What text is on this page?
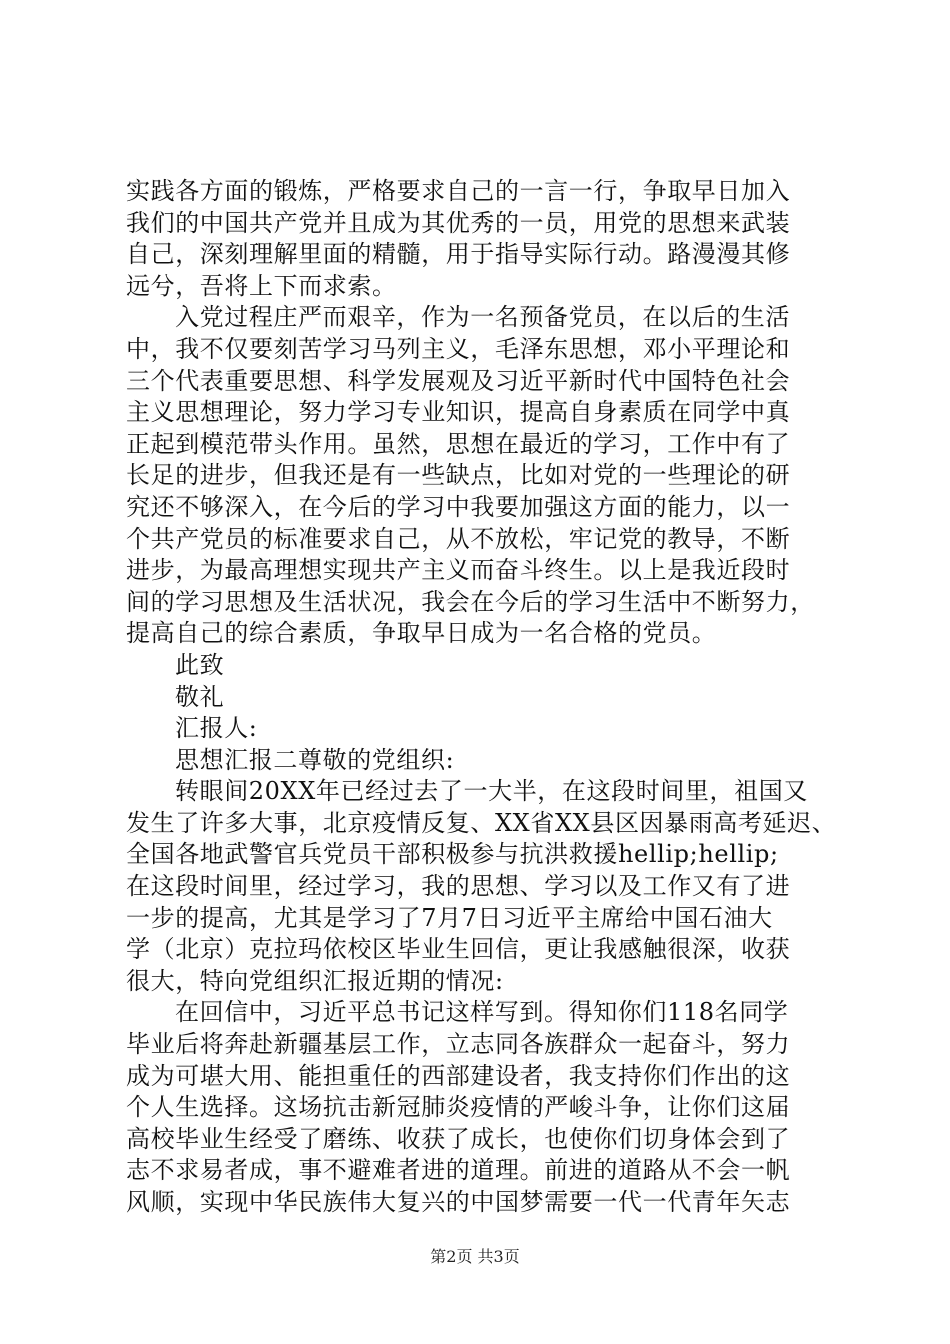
实践各方面的锻炼，严格要求自己的一言一行，争取早日加入
我们的中国共产党并且成为其优秀的一员，用党的思想来武装
自己，深刻理解里面的精髓，用于指导实际行动。路漫漫其修
远兮，吾将上下而求索。
入党过程庄严而艰辛，作为一名预备党员，在以后的生活
中，我不仅要刻苦学习马列主义，毛泽东思想，邓小平理论和
三个代表重要思想、科学发展观及习近平新时代中国特色社会
主义思想理论，努力学习专业知识，提高自身素质在同学中真
正起到模范带头作用。虽然，思想在最近的学习，工作中有了
长足的进步，但我还是有一些缺点，比如对党的一些理论的研
究还不够深入，在今后的学习中我要加强这方面的能力，以一
个共产党员的标准要求自己，从不放松，牢记党的教导，不断
进步，为最高理想实现共产主义而奋斗终生。以上是我近段时
间的学习思想及生活状况，我会在今后的学习生活中不断努力，
提高自己的综合素质，争取早日成为一名合格的党员。
此致
敬礼
汇报人:
思想汇报二尊敬的党组织:
转眼间20XX年已经过去了一大半，在这段时间里，祖国又
发生了许多大事，北京疫情反复、XX省XX县区因暴雨高考延迟、
全国各地武警官兵党员干部积极参与抗洪救援hellip;hellip;
在这段时间里，经过学习，我的思想、学习以及工作又有了进
一步的提高，尤其是学习了7月7日习近平主席给中国石油大
学（北京）克拉玛依校区毕业生回信，更让我感触很深，收获
很大，特向党组织汇报近期的情况:
在回信中，习近平总书记这样写到。得知你们118名同学
毕业后将奔赴新疆基层工作，立志同各族群众一起奋斗，努力
成为可堪大用、能担重任的西部建设者，我支持你们作出的这
个人生选择。这场抗击新冠肺炎疫情的严峻斗争，让你们这届
高校毕业生经受了磨练、收获了成长，也使你们切身体会到了
志不求易者成，事不避难者进的道理。前进的道路从不会一帆
风顺，实现中华民族伟大复兴的中国梦需要一代一代青年矢志
第2页 共3页
